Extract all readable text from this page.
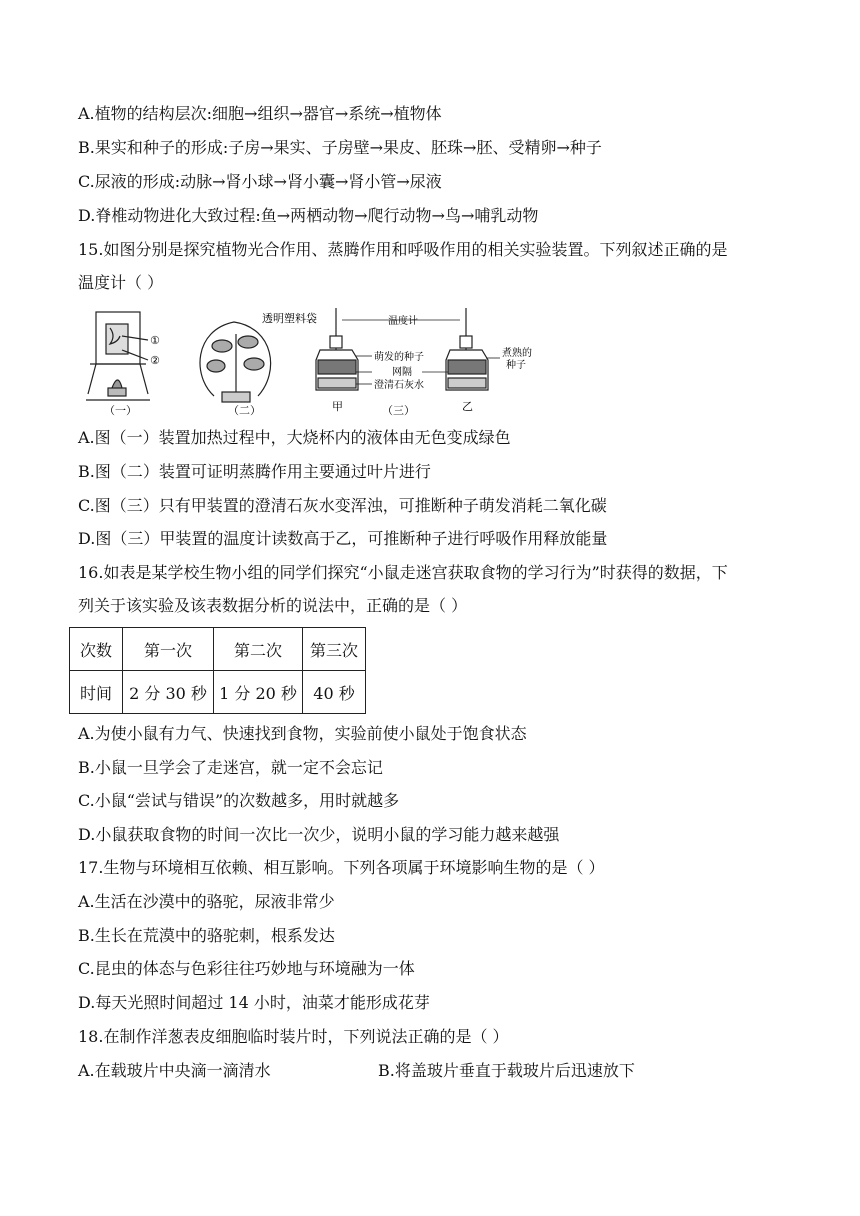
A.植物的结构层次:细胞→组织→器官→系统→植物体
B.果实和种子的形成:子房→果实、子房壁→果皮、胚珠→胚、受精卵→种子
C.尿液的形成:动脉→肾小球→肾小囊→肾小管→尿液
D.脊椎动物进化大致过程:鱼→两栖动物→爬行动物→鸟→哺乳动物
15.如图分别是探究植物光合作用、蒸腾作用和呼吸作用的相关实验装置。下列叙述正确的是
温度计（ ）
①
②
（一）
透明塑料袋
（二）
温度计
萌发的种子
网隔
澄清石灰水
煮熟的
种子
甲	（三）	乙
A.图（一）装置加热过程中，大烧杯内的液体由无色变成绿色
B.图（二）装置可证明蒸腾作用主要通过叶片进行
C.图（三）只有甲装置的澄清石灰水变浑浊，可推断种子萌发消耗二氧化碳
D.图（三）甲装置的温度计读数高于乙，可推断种子进行呼吸作用释放能量
16.如表是某学校生物小组的同学们探究“小鼠走迷宫获取食物的学习行为”时获得的数据，下
列关于该实验及该表数据分析的说法中，正确的是（ ）
次数	第一次	第二次	第三次
时间	2 分 30 秒	1 分 20 秒	40 秒
A.为使小鼠有力气、快速找到食物，实验前使小鼠处于饱食状态
B.小鼠一旦学会了走迷宫，就一定不会忘记
C.小鼠“尝试与错误”的次数越多，用时就越多
D.小鼠获取食物的时间一次比一次少，说明小鼠的学习能力越来越强
17.生物与环境相互依赖、相互影响。下列各项属于环境影响生物的是（ ）
A.生活在沙漠中的骆驼，尿液非常少
B.生长在荒漠中的骆驼刺，根系发达
C.昆虫的体态与色彩往往巧妙地与环境融为一体
D.每天光照时间超过 14 小时，油菜才能形成花芽
18.在制作洋葱表皮细胞临时装片时，下列说法正确的是（ ）
A.在载玻片中央滴一滴清水	B.将盖玻片垂直于载玻片后迅速放下
